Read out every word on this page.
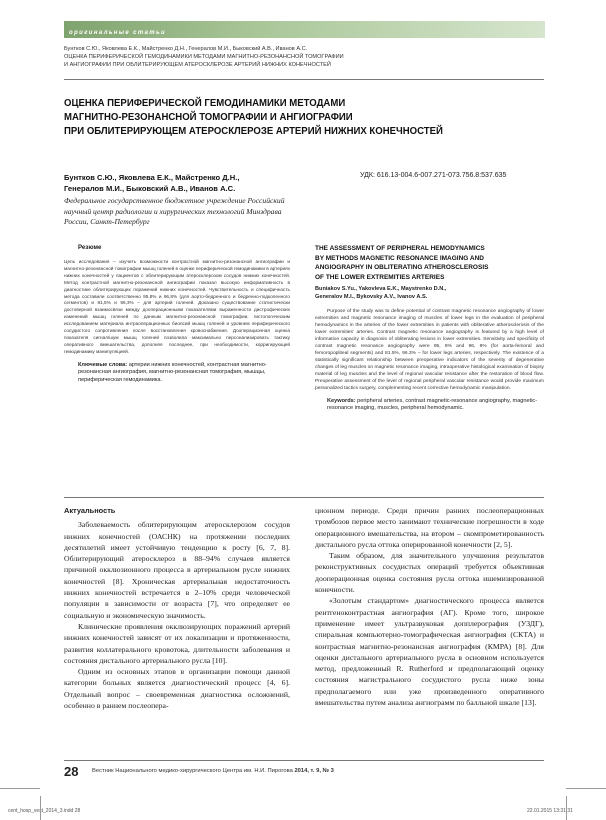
оригинальные статьи
Бунтков С.Ю., Яковлева Е.К., Майстренко Д.Н., Генералов М.И., Быковский А.В., Иванов А.С.
ОЦЕНКА ПЕРИФЕРИЧЕСКОЙ ГЕМОДИНАМИКИ МЕТОДАМИ МАГНИТНО-РЕЗОНАНСНОЙ ТОМОГРАФИИ
И АНГИОГРАФИИ ПРИ ОБЛИТЕРИРУЮЩЕМ АТЕРОСКЛЕРОЗЕ АРТЕРИЙ НИЖНИХ КОНЕЧНОСТЕЙ
ОЦЕНКА ПЕРИФЕРИЧЕСКОЙ ГЕМОДИНАМИКИ МЕТОДАМИ
МАГНИТНО-РЕЗОНАНСНОЙ ТОМОГРАФИИ И АНГИОГРАФИИ
ПРИ ОБЛИТЕРИРУЮЩЕМ АТЕРОСКЛЕРОЗЕ АРТЕРИЙ НИЖНИХ КОНЕЧНОСТЕЙ
Бунтков С.Ю., Яковлева Е.К., Майстренко Д.Н.,
Генералов М.И., Быковский А.В., Иванов А.С.
УДК: 616.13-004.6-007.271-073.756.8:537.635
Федеральное государственное бюджетное учреждение Российский
научный центр радиологии и хирургических технологий Минздрава
России, Санкт-Петербург
Резюме
Цель исследования – изучить возможности контрастной магнитно-резонансной ангиографии и магнитно-резонансной томографии мышц голеней в оценке периферической гемодинамики в артериях нижних конечностей у пациентов с облитерирующим атеросклерозом сосудов нижних конечностей. Метод контрастной магнитно-резонансной ангиографии показал высокую информативность в диагностике облитерирующих поражений нижних конечностей. Чувствительность и специфичность метода составили соответственно 95,8% и 96,8% (для аорто-бедренного и бедренно-подколенного сегментов) и 81,5% и 96,3% – для артерий голеней. Доказано существование статистически достоверной взаимосвязи между дооперационными показателями выраженности дистрофических изменений мышц голеней по данным магнитно-резонансной томографии, гистологическим исследованием материала интраоперационных биопсий мышц голеней и уровнем периферического сосудистого сопротивления после восстановления кровоснабжения. Дооперационная оценка показателя сигнал/шум мышц голеней позволила максимально персонализировать тактику оперативного вмешательства, дополняя последнее, при необходимости, корригирующей гемодинамику манипуляцией.
Ключевые слова: артерии нижних конечностей, контрастная магнитно-резонансная ангиография, магнитно-резонансная томография, мышцы, периферическая гемодинамика.
THE ASSESSMENT OF PERIPHERAL HEMODYNAMICS
BY METHODS MAGNETIC RESONANCE IMAGING AND
ANGIOGRAPHY IN OBLITERATING ATHEROSCLEROSIS
OF THE LOWER EXTREMITIES ARTERIES
Buniakov S.Yu., Yakovleva E.K., Maystrenko D.N.,
Generalov M.I., Bykovsky A.V., Ivanov A.S.
Purpose of the study was to define potential of contrast magnetic resonance angiography of lower extremities and magnetic resonance imaging of muscles of lower legs in the evaluation of peripheral hemodynamics in the arteries of the lower extremities in patients with obliterative atherosclerosis of the lower extremities' arteries. Contrast magnetic resonance angiography is featured by a high level of information capacity in diagnosis of obliterating lesions in lower extremities. Sensitivity and specificity of contrast magnetic resonance angiography were 95, 8% and 96, 8% (for aorta-femoral and femoropopliteal segments) and 81.5%, 96.3% – for lower legs arteries, respectively. The existence of a statistically significant relationship between preoperative indicators of the severity of degenerative changes of leg muscles on magnetic resonance imaging, intraoperative histological examination of biopsy material of leg muscles and the level of regional vascular resistance after the restoration of blood flow. Preoperative assessment of the level of regional peripheral vascular resistance would provide maximum personalized tactics surgery, complementing recent corrective hemodynamic manipulation.
Keywords: peripheral arteries, contrast magnetic-resonance angiography, magnetic-resonance imaging, muscles, peripheral hemodynamic.
Актуальность

Заболеваемость облитерирующим атеросклерозом сосудов нижних конечностей (ОАСНК) на протяжении последних десятилетий имеет устойчивую тенденцию к росту [6, 7, 8]. Облитерирующий атеросклероз в 88–94% случаев является причиной окклюзионного процесса в артериальном русле нижних конечностей [8]. Хроническая артериальная недостаточность нижних конечностей встречается в 2–10% среди человеческой популяции в зависимости от возраста [7], что определяет ее социальную и экономическую значимость.

Клинические проявления окклюзирующих поражений артерий нижних конечностей зависят от их локализации и протяженности, развития коллатерального кровотока, длительности заболевания и состояния дистального артериального русла [10].

Одним из основных этапов в организации помощи данной категории больных является диагностический процесс [4, 6]. Отдельный вопрос – своевременная диагностика осложнений, особенно в раннем послеопера-

ционном периоде. Среди причин ранних послеоперационных тромбозов первое место занимают технические погрешности в ходе операционного вмешательства, на втором – скомпрометированность дистального русла оттока оперированной конечности [2, 5].

Таким образом, для значительного улучшения результатов реконструктивных сосудистых операций требуется объективная дооперационная оценка состояния русла оттока ишемизированной конечности.

«Золотым стандартом» диагностического процесса является рентгеноконтрастная ангиография (АГ). Кроме того, широкое применение имеет ультразвуковая допплерография (УЗДГ), спиральная компьютерно-томографическая ангиография (СКТА) и контрастная магнитно-резонансная ангиография (КМРА) [8]. Для оценки дистального артериального русла в основном используется метод, предложенный R. Rutherford и предполагающий оценку состояния магистрального сосудистого русла ниже зоны предполагаемого или уже произведенного оперативного вмешательства путем анализа ангиограмм по балльной шкале [13].

28 Вестник Национального медико-хирургического Центра им. Н.И. Пирогова 2014, т. 9, № 3
cent_hosp_vest_2014_3.indd 28	22.01.2015 13:31:31
